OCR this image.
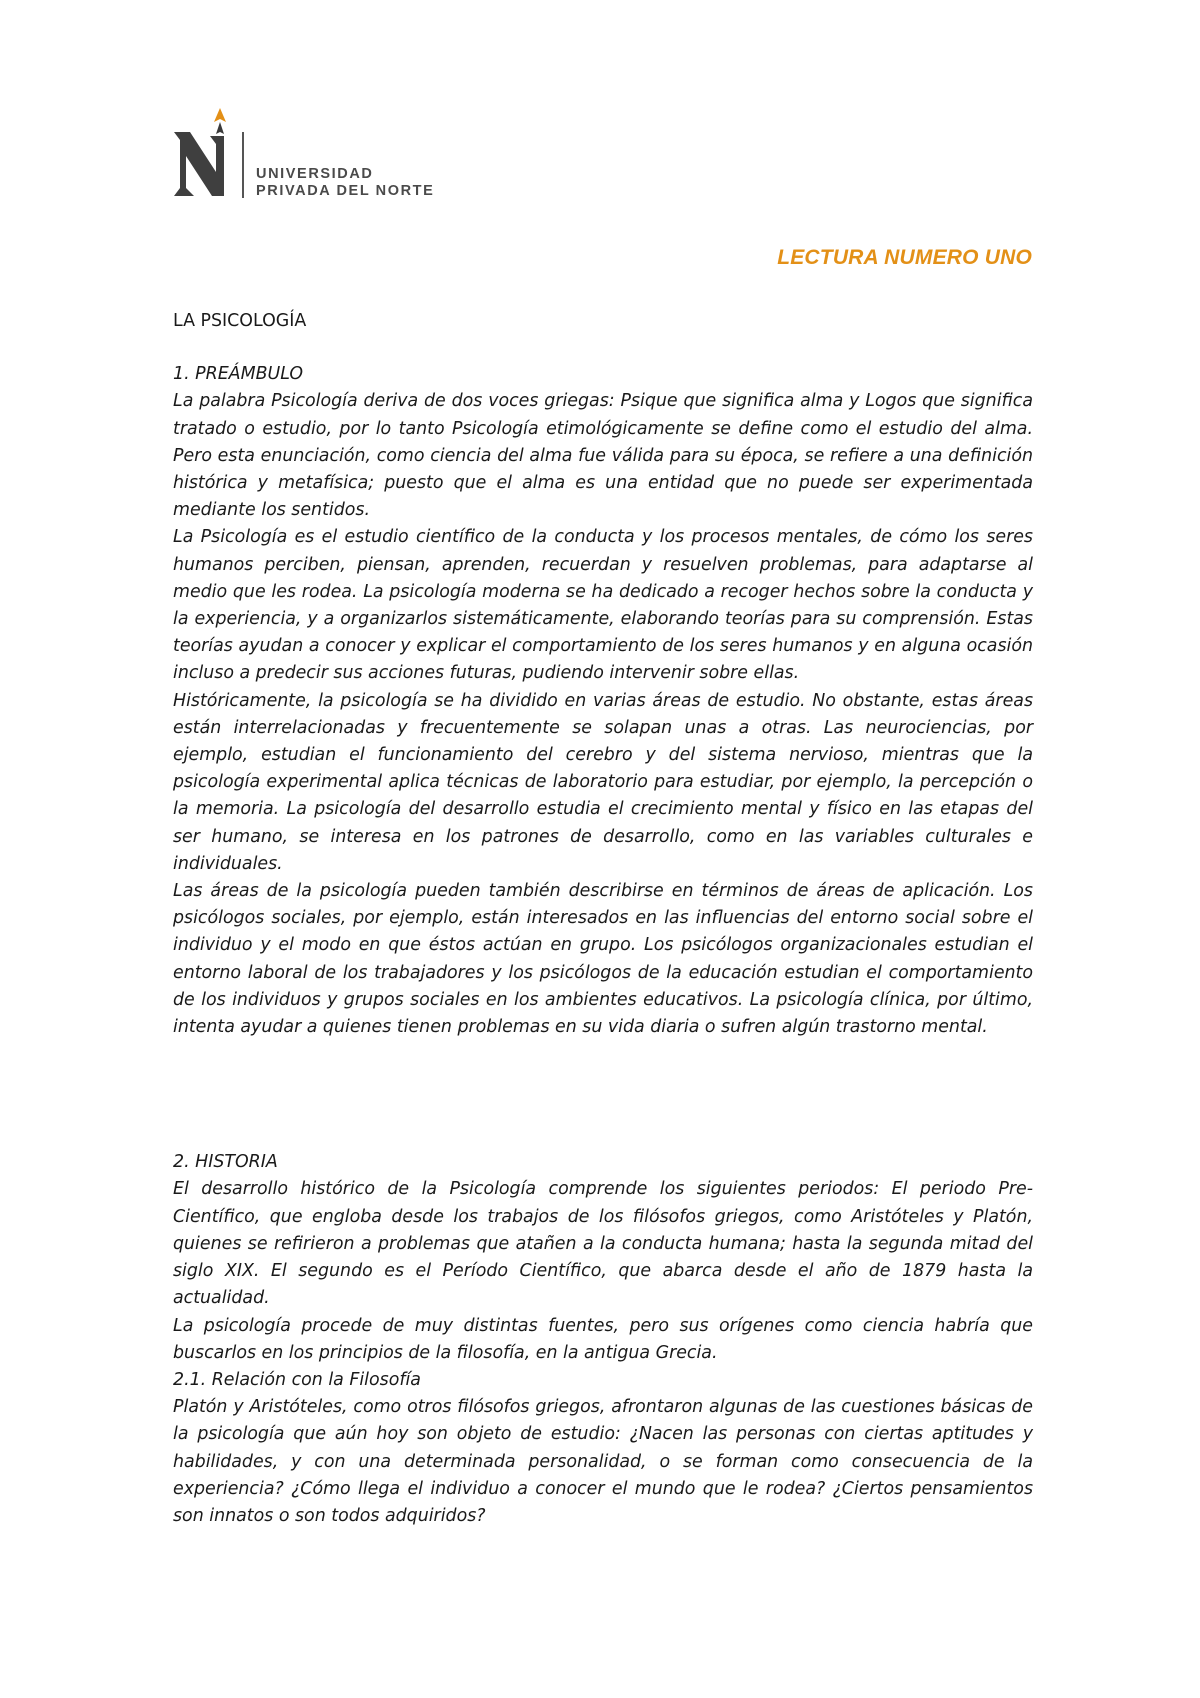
UNIVERSIDAD
PRIVADA DEL NORTE
LECTURA NUMERO UNO

LA PSICOLOGÍA

1. PREÁMBULO

La palabra Psicología deriva de dos voces griegas: Psique que significa alma y Logos que significa tratado o estudio, por lo tanto Psicología etimológicamente se define como el estudio del alma. Pero esta enunciación, como ciencia del alma fue válida para su época, se refiere a una definición histórica y metafísica; puesto que el alma es una entidad que no puede ser experimentada mediante los sentidos.

La Psicología es el estudio científico de la conducta y los procesos mentales, de cómo los seres humanos perciben, piensan, aprenden, recuerdan y resuelven problemas, para adaptarse al medio que les rodea. La psicología moderna se ha dedicado a recoger hechos sobre la conducta y la experiencia, y a organizarlos sistemáticamente, elaborando teorías para su comprensión. Estas teorías ayudan a conocer y explicar el comportamiento de los seres humanos y en alguna ocasión incluso a predecir sus acciones futuras, pudiendo intervenir sobre ellas.

Históricamente, la psicología se ha dividido en varias áreas de estudio. No obstante, estas áreas están interrelacionadas y frecuentemente se solapan unas a otras. Las neurociencias, por ejemplo, estudian el funcionamiento del cerebro y del sistema nervioso, mientras que la psicología experimental aplica técnicas de laboratorio para estudiar, por ejemplo, la percepción o la memoria. La psicología del desarrollo estudia el crecimiento mental y físico en las etapas del ser humano, se interesa en los patrones de desarrollo, como en las variables culturales e individuales.

Las áreas de la psicología pueden también describirse en términos de áreas de aplicación. Los psicólogos sociales, por ejemplo, están interesados en las influencias del entorno social sobre el individuo y el modo en que éstos actúan en grupo. Los psicólogos organizacionales estudian el entorno laboral de los trabajadores y los psicólogos de la educación estudian el comportamiento de los individuos y grupos sociales en los ambientes educativos. La psicología clínica, por último, intenta ayudar a quienes tienen problemas en su vida diaria o sufren algún trastorno mental.

2. HISTORIA

El desarrollo histórico de la Psicología comprende los siguientes periodos: El periodo Pre-Científico, que engloba desde los trabajos de los filósofos griegos, como Aristóteles y Platón, quienes se refirieron a problemas que atañen a la conducta humana; hasta la segunda mitad del siglo XIX. El segundo es el Período Científico, que abarca desde el año de 1879 hasta la actualidad.

La psicología procede de muy distintas fuentes, pero sus orígenes como ciencia habría que buscarlos en los principios de la filosofía, en la antigua Grecia.

2.1. Relación con la Filosofía

Platón y Aristóteles, como otros filósofos griegos, afrontaron algunas de las cuestiones básicas de la psicología que aún hoy son objeto de estudio: ¿Nacen las personas con ciertas aptitudes y habilidades, y con una determinada personalidad, o se forman como consecuencia de la experiencia? ¿Cómo llega el individuo a conocer el mundo que le rodea? ¿Ciertos pensamientos son innatos o son todos adquiridos?
